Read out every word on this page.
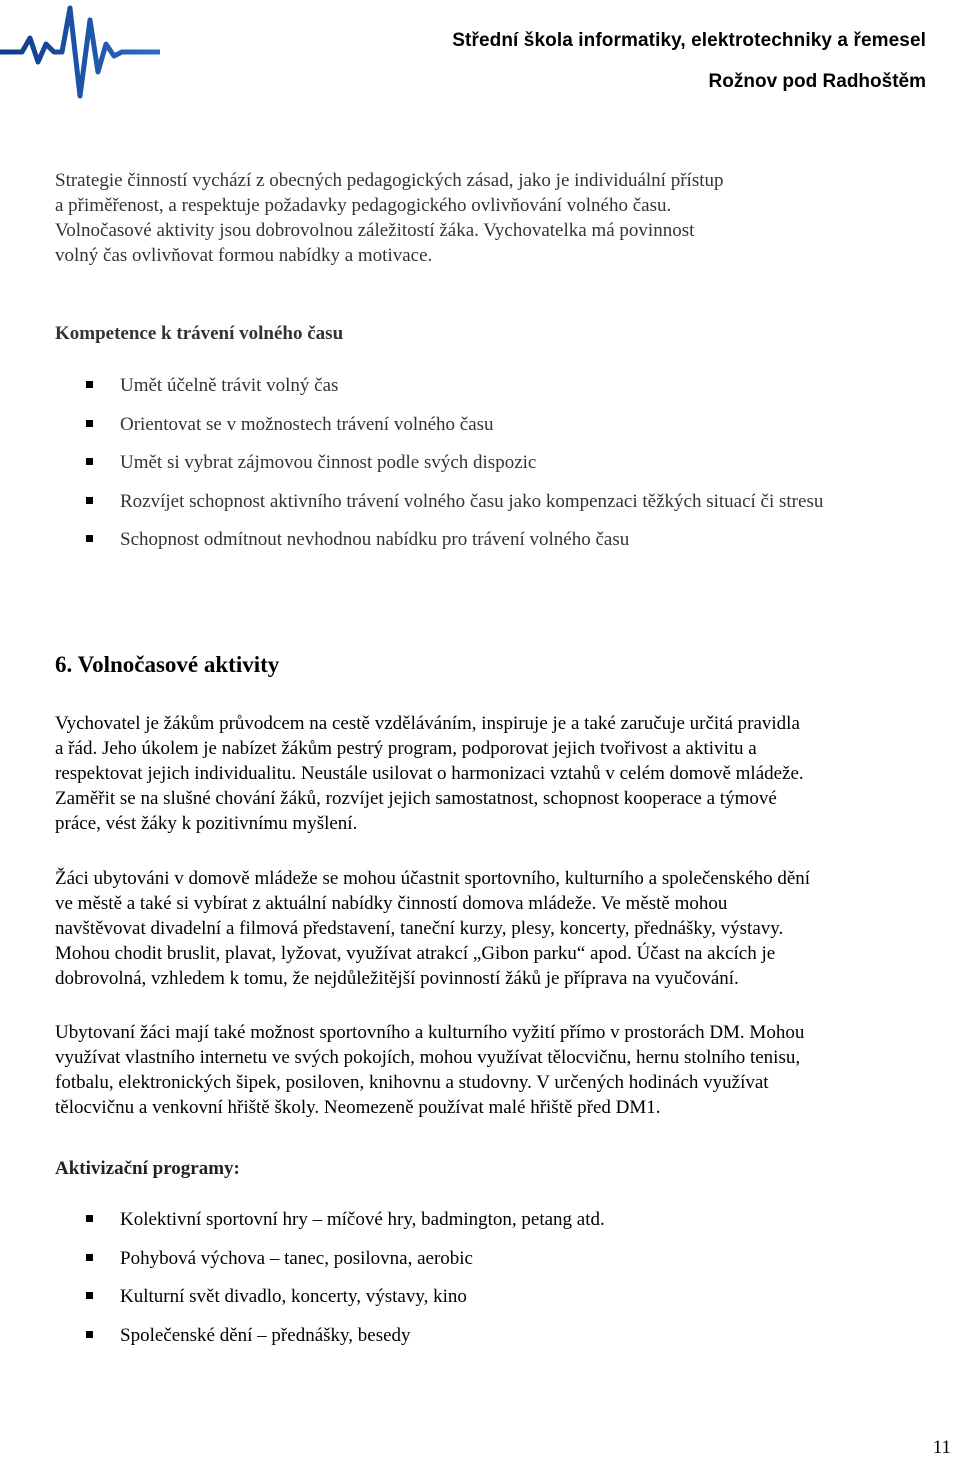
Střední škola informatiky, elektrotechniky a řemesel
Rožnov pod Radhoštěm

Strategie činností vychází z obecných pedagogických zásad, jako je individuální přístup
a přiměřenost, a respektuje požadavky pedagogického ovlivňování volného času.
Volnočasové aktivity jsou dobrovolnou záležitostí žáka. Vychovatelka má povinnost
volný čas ovlivňovat formou nabídky a motivace.

Kompetence k trávení volného času
Umět účelně trávit volný čas
Orientovat se v možnostech trávení volného času
Umět si vybrat zájmovou činnost podle svých dispozic
Rozvíjet schopnost aktivního trávení volného času jako kompenzaci těžkých situací či stresu
Schopnost odmítnout nevhodnou nabídku pro trávení volného času
6. Volnočasové aktivity

Vychovatel je žákům průvodcem na cestě vzděláváním, inspiruje je a také zaručuje určitá pravidla
a řád. Jeho úkolem je nabízet žákům pestrý program, podporovat jejich tvořivost a aktivitu a
respektovat jejich individualitu. Neustále usilovat o harmonizaci vztahů v celém domově mládeže.
Zaměřit se na slušné chování žáků, rozvíjet jejich samostatnost, schopnost kooperace a týmové
práce, vést žáky k pozitivnímu myšlení.

Žáci ubytováni v domově mládeže se mohou účastnit sportovního, kulturního a společenského dění
ve městě a také si vybírat z aktuální nabídky činností domova mládeže. Ve městě mohou
navštěvovat divadelní a filmová představení, taneční kurzy, plesy, koncerty, přednášky, výstavy.
Mohou chodit bruslit, plavat, lyžovat, využívat atrakcí „Gibon parku“ apod. Účast na akcích je
dobrovolná, vzhledem k tomu, že nejdůležitější povinností žáků je příprava na vyučování.

Ubytovaní žáci mají také možnost sportovního a kulturního vyžití přímo v prostorách DM. Mohou
využívat vlastního internetu ve svých pokojích, mohou využívat tělocvičnu, hernu stolního tenisu,
fotbalu, elektronických šipek, posiloven, knihovnu a studovny. V určených hodinách využívat
tělocvičnu a venkovní hřiště školy. Neomezeně používat malé hřiště před DM1.

Aktivizační programy:
Kolektivní sportovní hry – míčové hry, badmington, petang atd.
Pohybová výchova – tanec, posilovna, aerobic
Kulturní svět divadlo, koncerty, výstavy, kino
Společenské dění – přednášky, besedy
11
